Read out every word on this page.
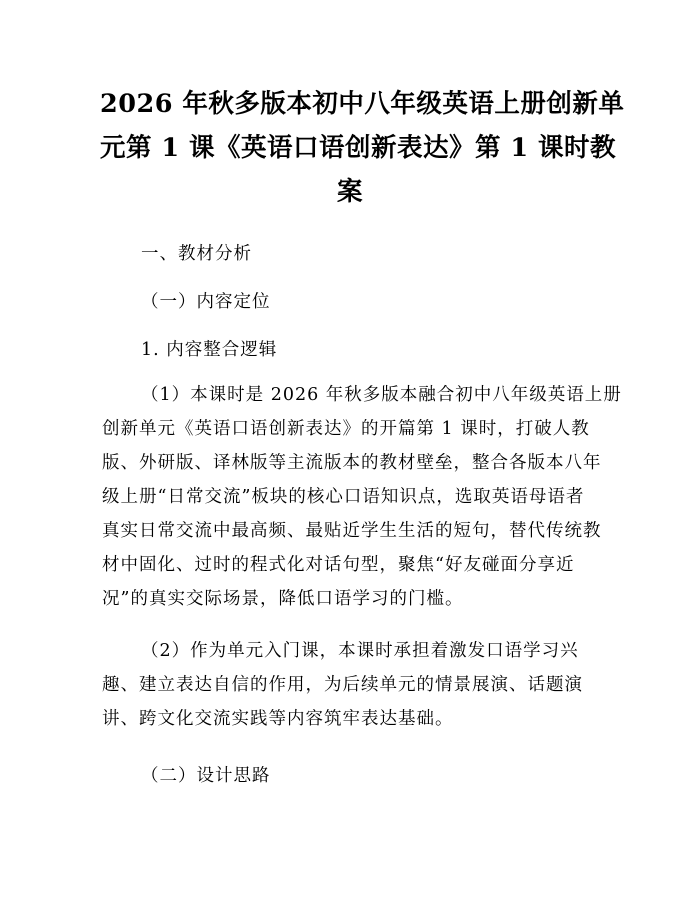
2026 年秋多版本初中八年级英语上册创新单
元第 1 课《英语口语创新表达》第 1 课时教
案
一、教材分析
（一）内容定位
1. 内容整合逻辑
（1）本课时是 2026 年秋多版本融合初中八年级英语上册
创新单元《英语口语创新表达》的开篇第 1 课时，打破人教
版、外研版、译林版等主流版本的教材壁垒，整合各版本八年
级上册“日常交流”板块的核心口语知识点，选取英语母语者
真实日常交流中最高频、最贴近学生生活的短句，替代传统教
材中固化、过时的程式化对话句型，聚焦“好友碰面分享近
况”的真实交际场景，降低口语学习的门槛。
（2）作为单元入门课，本课时承担着激发口语学习兴
趣、建立表达自信的作用，为后续单元的情景展演、话题演
讲、跨文化交流实践等内容筑牢表达基础。
（二）设计思路
